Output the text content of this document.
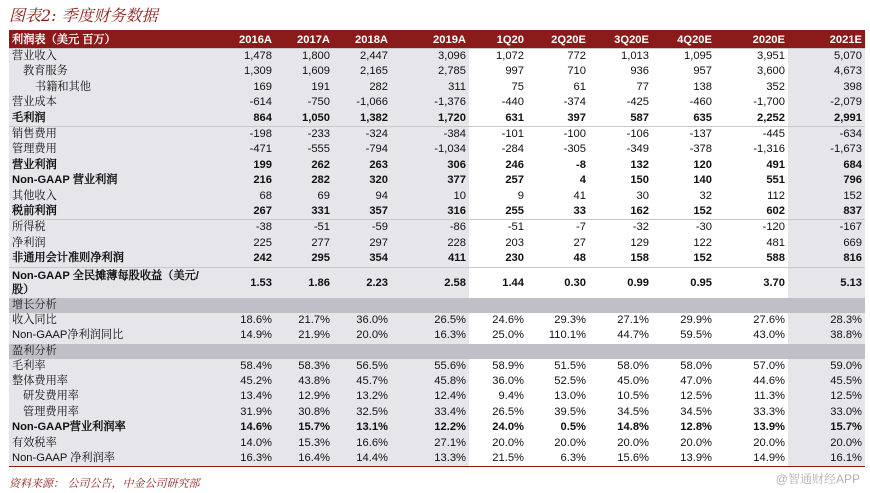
图表2: 季度财务数据
利润表（美元 百万）	2016A	2017A	2018A	2019A	1Q20	2Q20E	3Q20E	4Q20E	2020E	2021E
营业收入	1,478	1,800	2,447	3,096	1,072	772	1,013	1,095	3,951	5,070
教育服务	1,309	1,609	2,165	2,785	997	710	936	957	3,600	4,673
书籍和其他	169	191	282	311	75	61	77	138	352	398
营业成本	-614	-750	-1,066	-1,376	-440	-374	-425	-460	-1,700	-2,079
毛利润	864	1,050	1,382	1,720	631	397	587	635	2,252	2,991
销售费用	-198	-233	-324	-384	-101	-100	-106	-137	-445	-634
管理费用	-471	-555	-794	-1,034	-284	-305	-349	-378	-1,316	-1,673
营业利润	199	262	263	306	246	-8	132	120	491	684
Non-GAAP 营业利润	216	282	320	377	257	4	150	140	551	796
其他收入	68	69	94	10	9	41	30	32	112	152
税前利润	267	331	357	316	255	33	162	152	602	837
所得税	-38	-51	-59	-86	-51	-7	-32	-30	-120	-167
净利润	225	277	297	228	203	27	129	122	481	669
非通用会计准则净利润	242	295	354	411	230	48	158	152	588	816
Non-GAAP 全民摊薄每股收益（美元/股）	1.53	1.86	2.23	2.58	1.44	0.30	0.99	0.95	3.70	5.13
增长分析										
收入同比	18.6%	21.7%	36.0%	26.5%	24.6%	29.3%	27.1%	29.9%	27.6%	28.3%
Non-GAAP净利润同比	14.9%	21.9%	20.0%	16.3%	25.0%	110.1%	44.7%	59.5%	43.0%	38.8%
盈利分析										
毛利率	58.4%	58.3%	56.5%	55.6%	58.9%	51.5%	58.0%	58.0%	57.0%	59.0%
整体费用率	45.2%	43.8%	45.7%	45.8%	36.0%	52.5%	45.0%	47.0%	44.6%	45.5%
研发费用率	13.4%	12.9%	13.2%	12.4%	9.4%	13.0%	10.5%	12.5%	11.3%	12.5%
管理费用率	31.9%	30.8%	32.5%	33.4%	26.5%	39.5%	34.5%	34.5%	33.3%	33.0%
Non-GAAP营业利润率	14.6%	15.7%	13.1%	12.2%	24.0%	0.5%	14.8%	12.8%	13.9%	15.7%
有效税率	14.0%	15.3%	16.6%	27.1%	20.0%	20.0%	20.0%	20.0%	20.0%	20.0%
Non-GAAP 净利润率	16.3%	16.4%	14.4%	13.3%	21.5%	6.3%	15.6%	13.9%	14.9%	16.1%
资料来源： 公司公告，中金公司研究部	@智通财经APP
